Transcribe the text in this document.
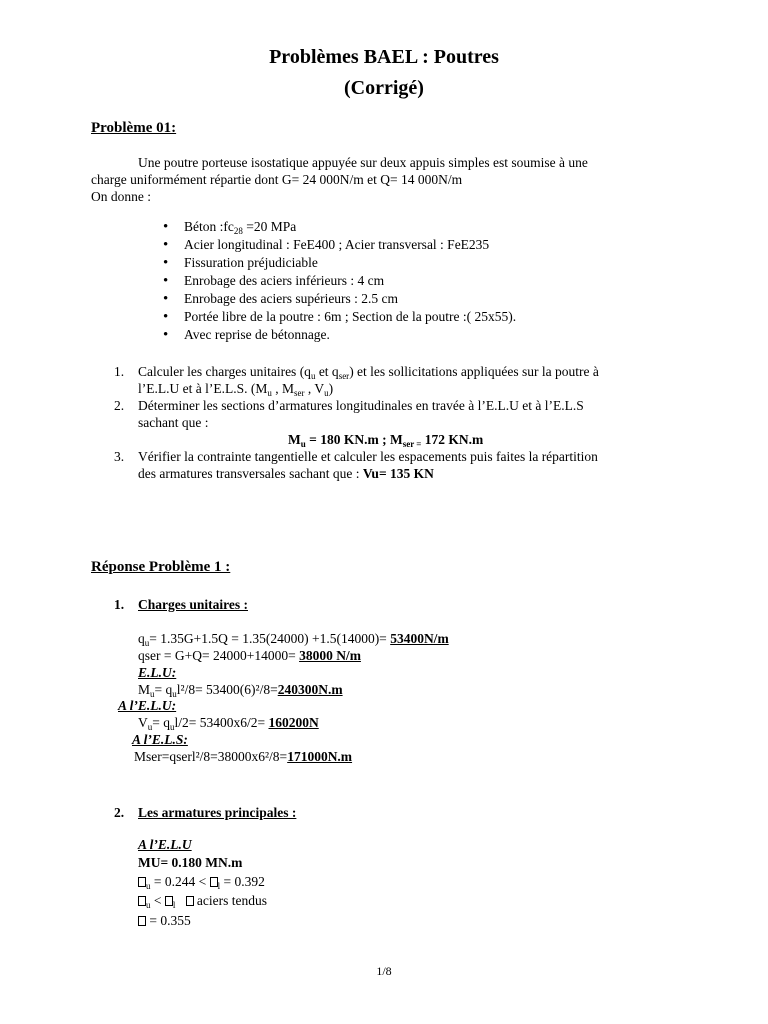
Problèmes BAEL : Poutres
(Corrigé)
Problème 01:
Une poutre porteuse isostatique appuyée sur deux appuis simples est soumise à une
charge uniformément répartie dont G= 24 000N/m et Q= 14 000N/m
On donne :
• Béton $:fc_{28} =20$ MPa
• Acier longitudinal : FeE400 ; Acier transversal : FeE235
• Fissuration préjudiciable
• Enrobage des aciers inférieurs : 4 cm
• Enrobage des aciers supérieurs : 2.5 cm
• Portée libre de la poutre : 6m ; Section de la poutre :( 25x55).
• Avec reprise de bétonnage.
1. Calculer les charges unitaires ($q_u$ et $q_{ser}$) et les sollicitations appliquées sur la poutre à
l’E.L.U et à l’E.L.S. ($M_u$ , $M_{ser}$ , $V_u$)
2. Déterminer les sections d’armatures longitudinales en travée à l’E.L.U et à l’E.L.S
sachant que :
$M_u = 180$ KN.m ; $M_{ser =}$ 172 KN.m
3. Vérifier la contrainte tangentielle et calculer les espacements puis faites la répartition
des armatures transversales sachant que : Vu= 135 KN
Réponse Problème 1 :
1. Charges unitaires :
$q_u= 1.35G+1.5Q = 1.35(24000) +1.5(14000)= 53400N/m$
qser = G+Q= 24000+14000= 38000 N/m
E.L.U:
$M_u= q_ul^2/8= 53400(6)^2/8=240300N.m$
A l’E.L.U:
$V_u= q_ul/2= 53400x6/2= 160200N$
A l’E.L.S:
Mser=qserl²/8=38000x6²/8=171000N.m
2. Les armatures principales :
A l’E.L.U
MU= 0.180 MN.m
$_u$ = 0.244 < $_l$ = 0.392
$_u$ < $_l$    aciers tendus
= 0.355
1/8
